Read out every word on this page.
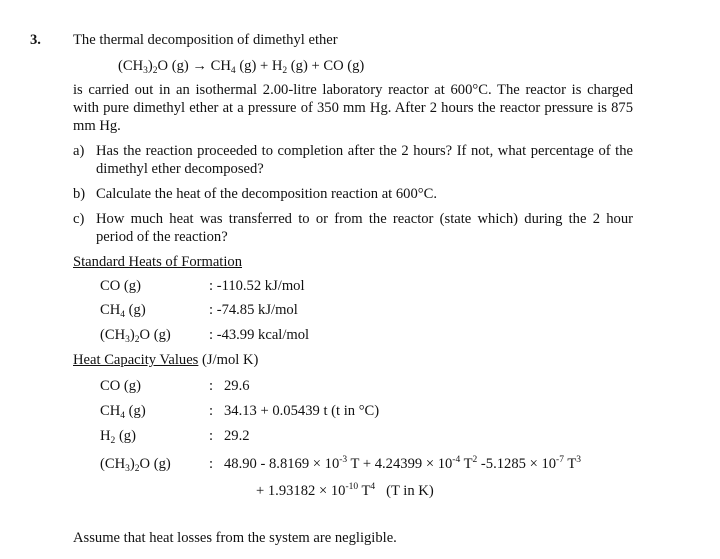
3. The thermal decomposition of dimethyl ether
$(CH_3)_2O$ $(g) \to CH_4$ $(g) + H_2$ (g) + CO (g)
is carried out in an isothermal 2.00-litre laboratory reactor at 600°C. The reactor is charged with pure dimethyl ether at a pressure of 350 mm Hg. After 2 hours the reactor pressure is 875 mm Hg.
a) Has the reaction proceeded to completion after the 2 hours? If not, what percentage of the dimethyl ether decomposed?
b) Calculate the heat of the decomposition reaction at 600°C.
c) How much heat was transferred to or from the reactor (state which) during the 2 hour period of the reaction?
Standard Heats of Formation
CO (g)	: -110.52 kJ/mol
$CH_4$ (g)	: -74.85 kJ/mol
$(CH_3)_2O$ (g)	: -43.99 kcal/mol
Heat Capacity Values (J/mol K)
CO (g)	: 29.6
$CH_4$ (g)	: 34.13 + 0.05439 t (t in °C)
$H_2$ (g)	: 29.2
$(CH_3)_2O$ (g)	: $48.90 - 8.8169 \times 10^{-3}$ $T + 4.24399 \times 10^{-4}$ $T^2$ $-5.1285 \times 10^{-7}$ $T^3$
+ $1.93182 \times 10^{-10}$ $T^4$   (T in K)
Assume that heat losses from the system are negligible.
